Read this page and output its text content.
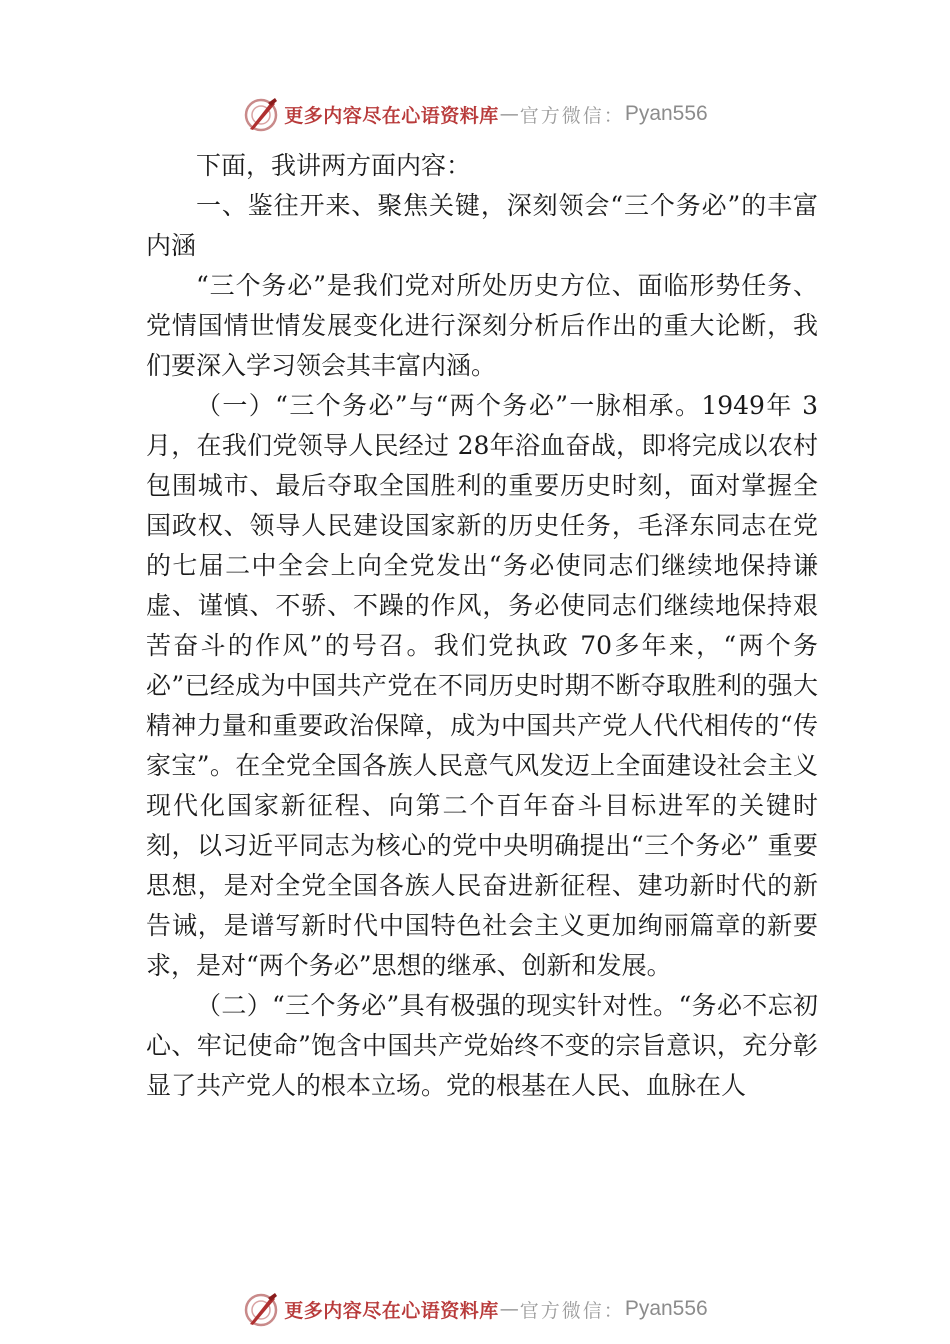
更多内容尽在心语资料库 — 官方微信： Pyan556

下面，我讲两方面内容：

一、鉴往开来、聚焦关键，深刻领会“三个务必”的丰富内涵

“三个务必”是我们党对所处历史方位、面临形势任务、党情国情世情发展变化进行深刻分析后作出的重大论断，我们要深入学习领会其丰富内涵。

（一）“三个务必”与“两个务必”一脉相承。1949年 3月，在我们党领导人民经过 28年浴血奋战，即将完成以农村包围城市、最后夺取全国胜利的重要历史时刻，面对掌握全国政权、领导人民建设国家新的历史任务，毛泽东同志在党的七届二中全会上向全党发出“务必使同志们继续地保持谦虚、谨慎、不骄、不躁的作风，务必使同志们继续地保持艰苦奋斗的作风”的号召。我们党执政 70多年来，“两个务必”已经成为中国共产党在不同历史时期不断夺取胜利的强大精神力量和重要政治保障，成为中国共产党人代代相传的“传家宝”。在全党全国各族人民意气风发迈上全面建设社会主义现代化国家新征程、向第二个百年奋斗目标进军的关键时刻，以习近平同志为核心的党中央明确提出“三个务必” 重要思想，是对全党全国各族人民奋进新征程、建功新时代的新告诫，是谱写新时代中国特色社会主义更加绚丽篇章的新要求，是对“两个务必”思想的继承、创新和发展。

（二）“三个务必”具有极强的现实针对性。“务必不忘初心、牢记使命”饱含中国共产党始终不变的宗旨意识，充分彰显了共产党人的根本立场。党的根基在人民、血脉在人

更多内容尽在心语资料库 — 官方微信： Pyan556
